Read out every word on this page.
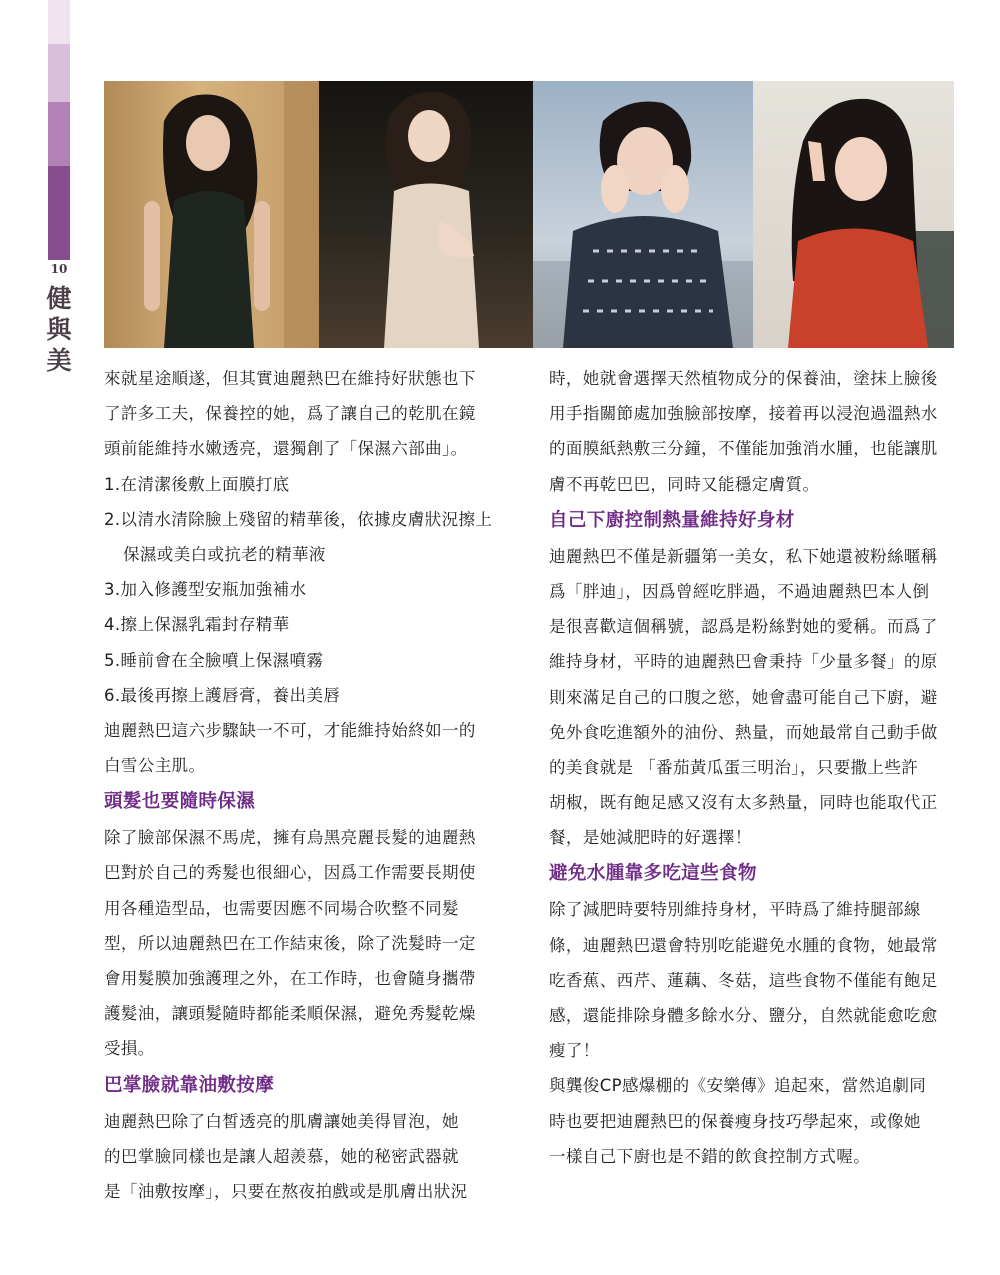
10
健
與
美
來就星途順遂，但其實迪麗熱巴在維持好狀態也下
了許多工夫，保養控的她，爲了讓自己的乾肌在鏡
頭前能維持水嫩透亮，還獨創了「保濕六部曲」。
1.在清潔後敷上面膜打底
2.以清水清除臉上殘留的精華後，依據皮膚狀況擦上
保濕或美白或抗老的精華液
3.加入修護型安瓶加強補水
4.擦上保濕乳霜封存精華
5.睡前會在全臉噴上保濕噴霧
6.最後再擦上護唇膏，養出美唇
迪麗熱巴這六步驟缺一不可，才能維持始終如一的
白雪公主肌。
頭髮也要隨時保濕
除了臉部保濕不馬虎，擁有烏黑亮麗長髮的迪麗熱
巴對於自己的秀髮也很細心，因爲工作需要長期使
用各種造型品，也需要因應不同場合吹整不同髮
型，所以迪麗熱巴在工作結束後，除了洗髮時一定
會用髮膜加強護理之外，在工作時，也會隨身攜帶
護髮油，讓頭髮隨時都能柔順保濕，避免秀髮乾燥
受損。
巴掌臉就靠油敷按摩
迪麗熱巴除了白皙透亮的肌膚讓她美得冒泡，她
的巴掌臉同樣也是讓人超羨慕，她的秘密武器就
是「油敷按摩」，只要在熬夜拍戲或是肌膚出狀況
時，她就會選擇天然植物成分的保養油，塗抹上臉後
用手指關節處加強臉部按摩，接着再以浸泡過溫熱水
的面膜紙熱敷三分鐘，不僅能加強消水腫，也能讓肌
膚不再乾巴巴，同時又能穩定膚質。
自己下廚控制熱量維持好身材
迪麗熱巴不僅是新疆第一美女，私下她還被粉絲暱稱
爲「胖迪」，因爲曾經吃胖過，不過迪麗熱巴本人倒
是很喜歡這個稱號，認爲是粉絲對她的愛稱。而爲了
維持身材，平時的迪麗熱巴會秉持「少量多餐」的原
則來滿足自己的口腹之慾，她會盡可能自己下廚，避
免外食吃進額外的油份、熱量，而她最常自己動手做
的美食就是 「番茄黃瓜蛋三明治」，只要撒上些許
胡椒，既有飽足感又沒有太多熱量，同時也能取代正
餐，是她減肥時的好選擇！
避免水腫靠多吃這些食物
除了減肥時要特別維持身材，平時爲了維持腿部線
條，迪麗熱巴還會特別吃能避免水腫的食物，她最常
吃香蕉、西芹、蓮藕、冬菇，這些食物不僅能有飽足
感，還能排除身體多餘水分、鹽分，自然就能愈吃愈
瘦了！
與龔俊CP感爆棚的《安樂傳》追起來，當然追劇同
時也要把迪麗熱巴的保養瘦身技巧學起來，或像她
一樣自己下廚也是不錯的飲食控制方式喔。
